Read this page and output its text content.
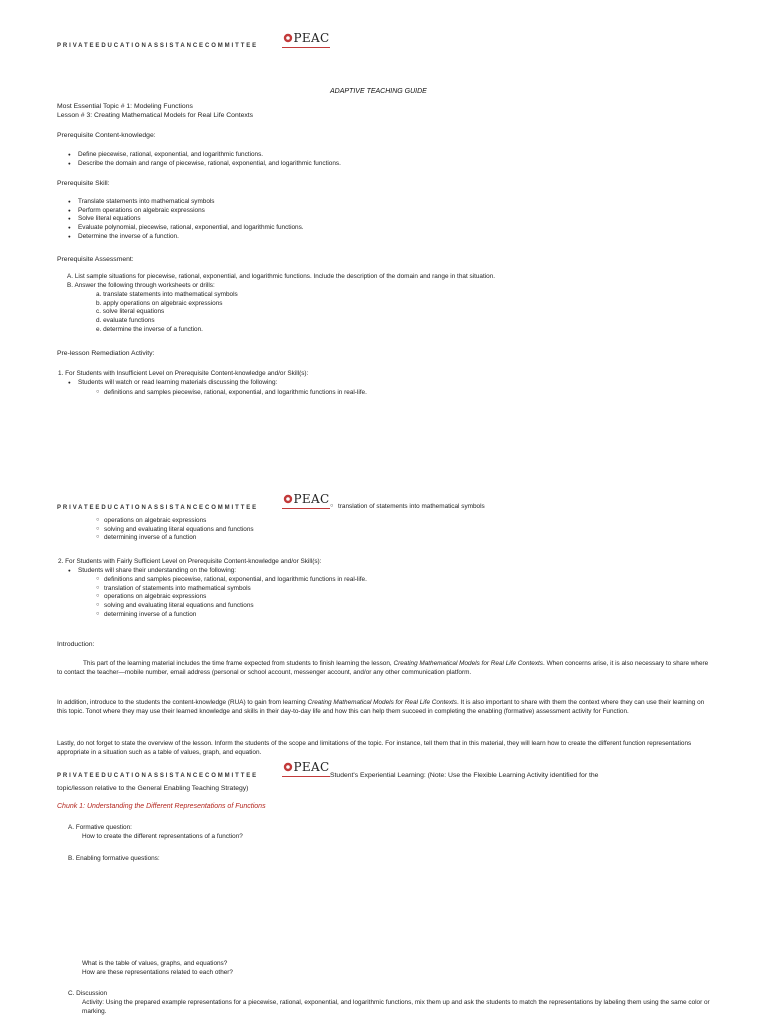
PRIVATEEDUCATIONASSISTANCECOMMITTEE
PEAC
ADAPTIVE TEACHING GUIDE
Most Essential Topic # 1: Modeling Functions
Lesson # 3: Creating Mathematical Models for Real Life Contexts
Prerequisite Content-knowledge:
● Define piecewise, rational, exponential, and logarithmic functions.
● Describe the domain and range of piecewise, rational, exponential, and logarithmic functions.
Prerequisite Skill:
● Translate statements into mathematical symbols
● Perform operations on algebraic expressions
● Solve literal equations
● Evaluate polynomial, piecewise, rational, exponential, and logarithmic functions.
● Determine the inverse of a function.
Prerequisite Assessment:
A. List sample situations for piecewise, rational, exponential, and logarithmic functions. Include the description of the domain and range in that situation.
B. Answer the following through worksheets or drills:
a. translate statements into mathematical symbols
b. apply operations on algebraic expressions
c. solve literal equations
d. evaluate functions
e. determine the inverse of a function.
Pre-lesson Remediation Activity:
1. For Students with Insufficient Level on Prerequisite Content-knowledge and/or Skill(s):
● Students will watch or read learning materials discussing the following:
○ definitions and samples piecewise, rational, exponential, and logarithmic functions in real-life.
PRIVATEEDUCATIONASSISTANCECOMMITTEE
PEAC
○ translation of statements into mathematical symbols
○ operations on algebraic expressions
○ solving and evaluating literal equations and functions
○ determining inverse of a function
2. For Students with Fairly Sufficient Level on Prerequisite Content-knowledge and/or Skill(s):
● Students will share their understanding on the following:
○ definitions and samples piecewise, rational, exponential, and logarithmic functions in real-life.
○ translation of statements into mathematical symbols
○ operations on algebraic expressions
○ solving and evaluating literal equations and functions
○ determining inverse of a function
Introduction:
This part of the learning material includes the time frame expected from students to finish learning the lesson, Creating Mathematical Models for Real Life Contexts. When concerns arise, it is also necessary to share where to contact the teacher—mobile number, email address (personal or school account, messenger account, and/or any other communication platform.
In addition, introduce to the students the content-knowledge (RUA) to gain from learning Creating Mathematical Models for Real Life Contexts. It is also important to share with them the context where they can use their learning on this topic. Tonot where they may use their learned knowledge and skills in their day-to-day life and how this can help them succeed in completing the enabling (formative) assessment activity for Function.
Lastly, do not forget to state the overview of the lesson. Inform the students of the scope and limitations of the topic. For instance, tell them that in this material, they will learn how to create the different function representations appropriate in a situation such as a table of values, graph, and equation.
PRIVATEEDUCATIONASSISTANCECOMMITTEE
PEAC
Student's Experiential Learning: (Note: Use the Flexible Learning Activity identified for the
topic/lesson relative to the General Enabling Teaching Strategy)
Chunk 1: Understanding the Different Representations of Functions
A. Formative question:
How to create the different representations of a function?
B. Enabling formative questions:
What is the table of values, graphs, and equations?
How are these representations related to each other?
C. Discussion
Activity: Using the prepared example representations for a piecewise, rational, exponential, and logarithmic functions, mix them up and ask the students to match the representations by labeling them using the same color or marking.
